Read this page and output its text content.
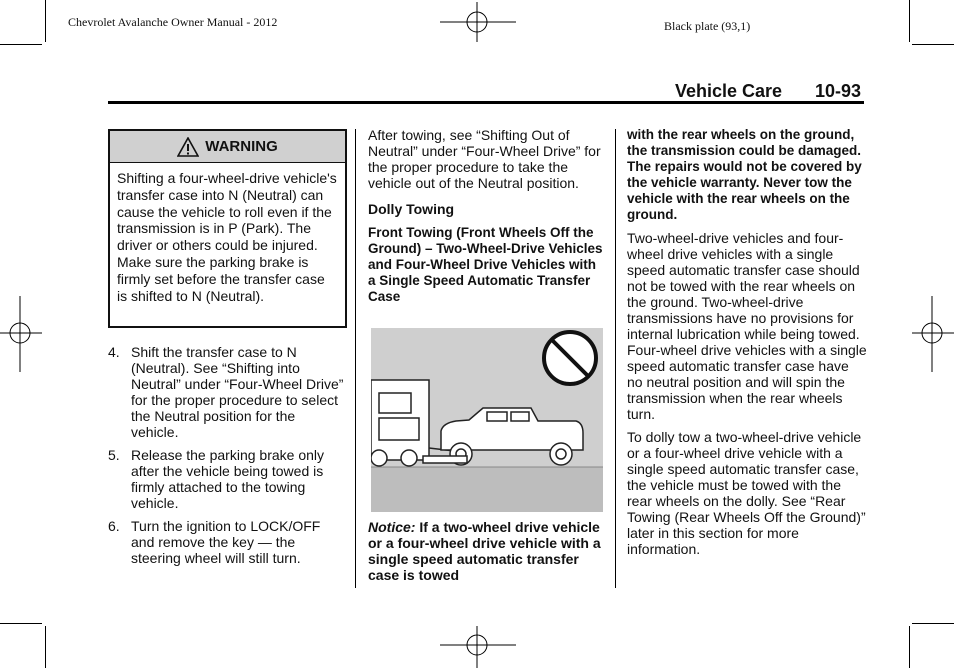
Chevrolet Avalanche Owner Manual - 2012	Black plate (93,1)
Vehicle Care 10-93
WARNING
Shifting a four-wheel-drive vehicle's transfer case into N (Neutral) can cause the vehicle to roll even if the transmission is in P (Park). The driver or others could be injured. Make sure the parking brake is firmly set before the transfer case is shifted to N (Neutral).
4. Shift the transfer case to N (Neutral). See “Shifting into Neutral” under “Four-Wheel Drive” for the proper procedure to select the Neutral position for the vehicle.
5. Release the parking brake only after the vehicle being towed is firmly attached to the towing vehicle.
6. Turn the ignition to LOCK/OFF and remove the key — the steering wheel will still turn.

After towing, see “Shifting Out of Neutral” under “Four-Wheel Drive” for the proper procedure to take the vehicle out of the Neutral position.

Dolly Towing

Front Towing (Front Wheels Off the Ground) – Two-Wheel-Drive Vehicles and Four-Wheel Drive Vehicles with a Single Speed Automatic Transfer Case

Notice: If a two-wheel drive vehicle or a four-wheel drive vehicle with a single speed automatic transfer case is towed

with the rear wheels on the ground, the transmission could be damaged. The repairs would not be covered by the vehicle warranty. Never tow the vehicle with the rear wheels on the ground.

Two-wheel-drive vehicles and four-wheel drive vehicles with a single speed automatic transfer case should not be towed with the rear wheels on the ground. Two-wheel-drive transmissions have no provisions for internal lubrication while being towed. Four-wheel drive vehicles with a single speed automatic transfer case have no neutral position and will spin the transmission when the rear wheels turn.

To dolly tow a two-wheel-drive vehicle or a four-wheel drive vehicle with a single speed automatic transfer case, the vehicle must be towed with the rear wheels on the dolly. See “Rear Towing (Rear Wheels Off the Ground)” later in this section for more information.
